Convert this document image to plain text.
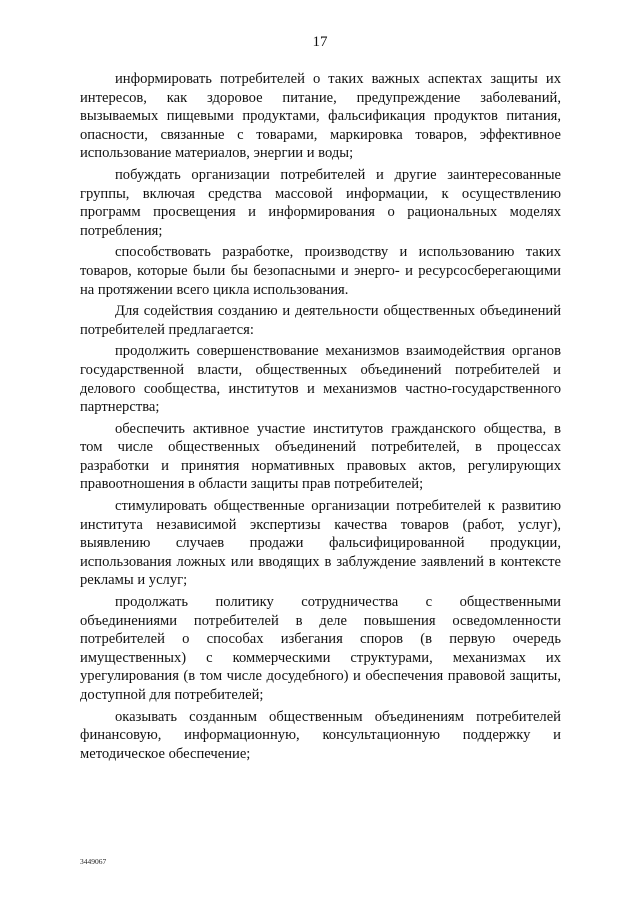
17

информировать потребителей о таких важных аспектах защиты их интересов, как здоровое питание, предупреждение заболеваний, вызываемых пищевыми продуктами, фальсификация продуктов питания, опасности, связанные с товарами, маркировка товаров, эффективное использование материалов, энергии и воды;

побуждать организации потребителей и другие заинтересованные группы, включая средства массовой информации, к осуществлению программ просвещения и информирования о рациональных моделях потребления;

способствовать разработке, производству и использованию таких товаров, которые были бы безопасными и энерго- и ресурсосберегающими на протяжении всего цикла использования.

Для содействия созданию и деятельности общественных объединений потребителей предлагается:

продолжить совершенствование механизмов взаимодействия органов государственной власти, общественных объединений потребителей и делового сообщества, институтов и механизмов частно-государственного партнерства;

обеспечить активное участие институтов гражданского общества, в том числе общественных объединений потребителей, в процессах разработки и принятия нормативных правовых актов, регулирующих правоотношения в области защиты прав потребителей;

стимулировать общественные организации потребителей к развитию института независимой экспертизы качества товаров (работ, услуг), выявлению случаев продажи фальсифицированной продукции, использования ложных или вводящих в заблуждение заявлений в контексте рекламы и услуг;

продолжать политику сотрудничества с общественными объединениями потребителей в деле повышения осведомленности потребителей о способах избегания споров (в первую очередь имущественных) с коммерческими структурами, механизмах их урегулирования (в том числе досудебного) и обеспечения правовой защиты, доступной для потребителей;

оказывать созданным общественным объединениям потребителей финансовую, информационную, консультационную поддержку и методическое обеспечение;

3449067
